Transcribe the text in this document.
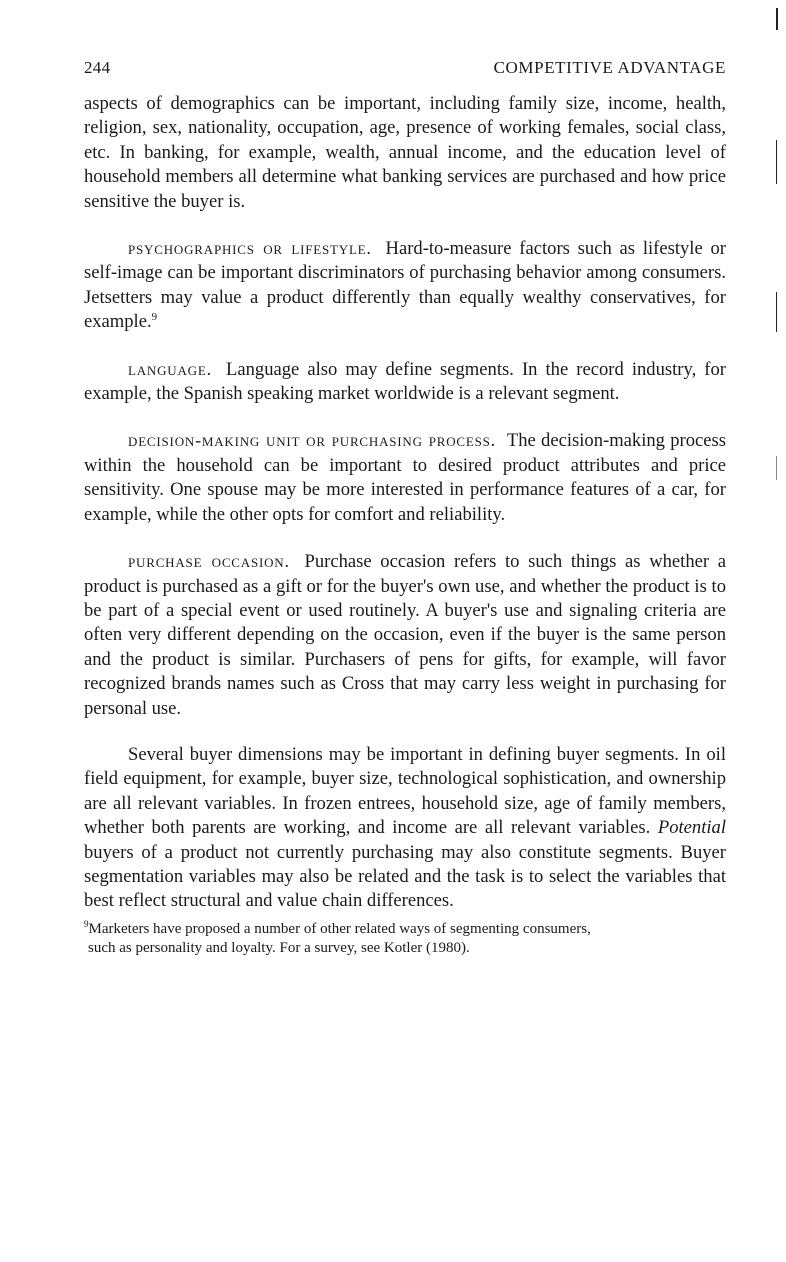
244	COMPETITIVE ADVANTAGE

aspects of demographics can be important, including family size, income, health, religion, sex, nationality, occupation, age, presence of working females, social class, etc. In banking, for example, wealth, annual income, and the education level of household members all determine what banking services are purchased and how price sensitive the buyer is.

psychographics or lifestyle. Hard-to-measure factors such as lifestyle or self-image can be important discriminators of purchasing behavior among consumers. Jetsetters may value a product differently than equally wealthy conservatives, for example.$^9$

language. Language also may define segments. In the record industry, for example, the Spanish speaking market worldwide is a relevant segment.

decision-making unit or purchasing process. The decision-making process within the household can be important to desired product attributes and price sensitivity. One spouse may be more interested in performance features of a car, for example, while the other opts for comfort and reliability.

purchase occasion. Purchase occasion refers to such things as whether a product is purchased as a gift or for the buyer's own use, and whether the product is to be part of a special event or used routinely. A buyer's use and signaling criteria are often very different depending on the occasion, even if the buyer is the same person and the product is similar. Purchasers of pens for gifts, for example, will favor recognized brands names such as Cross that may carry less weight in purchasing for personal use.

Several buyer dimensions may be important in defining buyer segments. In oil field equipment, for example, buyer size, technological sophistication, and ownership are all relevant variables. In frozen entrees, household size, age of family members, whether both parents are working, and income are all relevant variables. Potential buyers of a product not currently purchasing may also constitute segments. Buyer segmentation variables may also be related and the task is to select the variables that best reflect structural and value chain differences.

$^9$Marketers have proposed a number of other related ways of segmenting consumers,
such as personality and loyalty. For a survey, see Kotler (1980).
